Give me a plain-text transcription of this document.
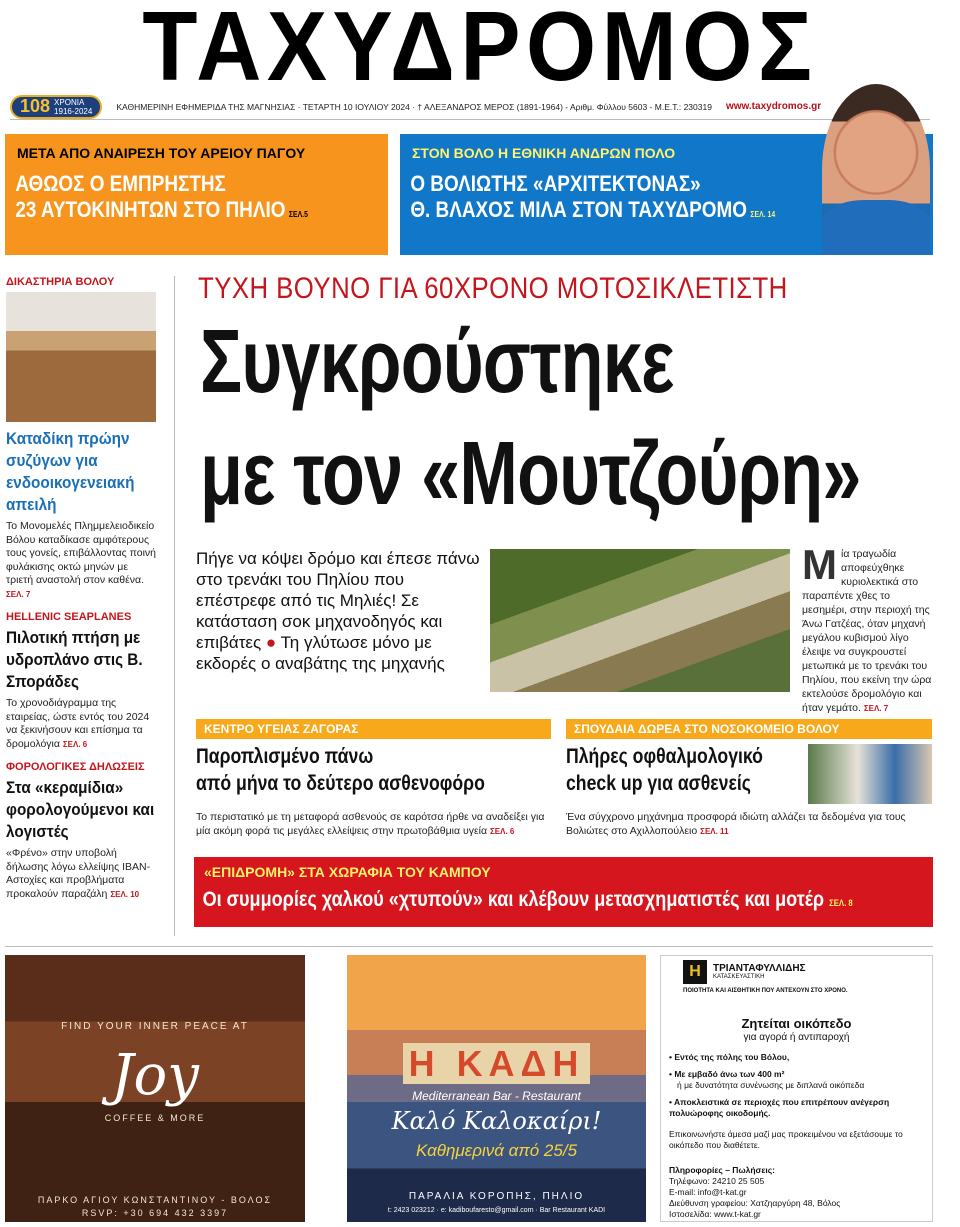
ΤΑΧΥΔΡΟΜΟΣ
108 ΧΡΟΝΙΑ
1916-2024	ΚΑΘΗΜΕΡΙΝΗ ΕΦΗΜΕΡΙΔΑ ΤΗΣ ΜΑΓΝΗΣΙΑΣ · ΤΕΤΑΡΤΗ 10 ΙΟΥΛΙΟΥ 2024 · † ΑΛΕΞΑΝΔΡΟΣ ΜΕΡΟΣ (1891-1964) - Αριθμ. Φύλλου 5603 - Μ.Ε.Τ.: 230319 www.taxydromos.gr
ΜΕΤΑ ΑΠΟ ΑΝΑΙΡΕΣΗ ΤΟΥ ΑΡΕΙΟΥ ΠΑΓΟΥ
ΑΘΩΟΣ Ο ΕΜΠΡΗΣΤΗΣ
23 ΑΥΤΟΚΙΝΗΤΩΝ ΣΤΟ ΠΗΛΙΟ ΣΕΛ.5
ΣΤΟΝ ΒΟΛΟ Η ΕΘΝΙΚΗ ΑΝΔΡΩΝ ΠΟΛΟ
Ο ΒΟΛΙΩΤΗΣ «ΑΡΧΙΤΕΚΤΟΝΑΣ»
Θ. ΒΛΑΧΟΣ ΜΙΛΑ ΣΤΟΝ ΤΑΧΥΔΡΟΜΟ ΣΕΛ. 14
ΔΙΚΑΣΤΗΡΙΑ ΒΟΛΟΥ
Καταδίκη πρώην συζύγων για ενδοοικογενειακή απειλή
Το Μονομελές Πλημμελειοδικείο Βόλου καταδίκασε αμφότερους τους γονείς, επιβάλλοντας ποινή φυλάκισης οκτώ μηνών με τριετή αναστολή στον καθένα. ΣΕΛ. 7
HELLENIC SEAPLANES
Πιλοτική πτήση με υδροπλάνο στις Β. Σποράδες
Το χρονοδιάγραμμα της εταιρείας, ώστε εντός του 2024 να ξεκινήσουν και επίσημα τα δρομολόγια ΣΕΛ. 6
ΦΟΡΟΛΟΓΙΚΕΣ ΔΗΛΩΣΕΙΣ
Στα «κεραμίδια» φορολογούμενοι και λογιστές
«Φρένο» στην υποβολή δήλωσης λόγω ελλείψης ΙΒΑΝ- Αστοχίες και προβλήματα προκαλούν παραζάλη ΣΕΛ. 10
ΤΥΧΗ ΒΟΥΝΟ ΓΙΑ 60ΧΡΟΝΟ ΜΟΤΟΣΙΚΛΕΤΙΣΤΗ
Συγκρούστηκε
με τον «Μουτζούρη»
Πήγε να κόψει δρόμο και έπεσε πάνω στο τρενάκι του Πηλίου που επέστρεφε από τις Μηλιές! Σε κατάσταση σοκ μηχανοδηγός και επιβάτες ● Τη γλύτωσε μόνο με εκδορές ο αναβάτης της μηχανής
Μία τραγωδία αποφεύχθηκε κυριολεκτικά στο παραπέντε χθες το μεσημέρι, στην περιοχή της Άνω Γατζέας, όταν μηχανή μεγάλου κυβισμού λίγο έλειψε να συγκρουστεί μετωπικά με το τρενάκι του Πηλίου, που εκείνη την ώρα εκτελούσε δρομολόγιο και ήταν γεμάτο. ΣΕΛ. 7
ΚΕΝΤΡΟ ΥΓΕΙΑΣ ΖΑΓΟΡΑΣ
Παροπλισμένο πάνω
από μήνα το δεύτερο ασθενοφόρο
Το περιστατικό με τη μεταφορά ασθενούς σε καρότσα ήρθε να αναδείξει για μία ακόμη φορά τις μεγάλες ελλείψεις στην πρωτοβάθμια υγεία ΣΕΛ. 6
ΣΠΟΥΔΑΙΑ ΔΩΡΕΑ ΣΤΟ ΝΟΣΟΚΟΜΕΙΟ ΒΟΛΟΥ
Πλήρες οφθαλμολογικό
check up για ασθενείς
Ένα σύγχρονο μηχάνημα προσφορά ιδιώτη αλλάζει τα δεδομένα για τους Βολιώτες στο Αχιλλοπούλειο ΣΕΛ. 11
«ΕΠΙΔΡΟΜΗ» ΣΤΑ ΧΩΡΑΦΙΑ ΤΟΥ ΚΑΜΠΟΥ
Οι συμμορίες χαλκού «χτυπούν» και κλέβουν μετασχηματιστές και μοτέρ ΣΕΛ. 8
FIND YOUR INNER PEACE AT
Joy
COFFEE & MORE
ΠΑΡΚΟ ΑΓΙΟΥ ΚΩΝΣΤΑΝΤΙΝΟΥ - ΒΟΛΟΣ
RSVP: +30 694 432 3397
Η ΚΑΔΗ
Mediterranean Bar - Restaurant
Καλό Καλοκαίρι!
Καθημερινά από 25/5
ΠΑΡΑΛΙΑ ΚΟΡΟΠΗΣ, ΠΗΛΙΟ
t: 2423 023212 · e: kadiboufaresto@gmail.com · Bar Restaurant KADI
H	ΤΡΙΑΝΤΑΦΥΛΛΙΔΗΣ
ΚΑΤΑΣΚΕΥΑΣΤΙΚΗ
ΠΟΙΟΤΗΤΑ ΚΑΙ ΑΙΣΘΗΤΙΚΗ ΠΟΥ ΑΝΤΕΧΟΥΝ ΣΤΟ ΧΡΟΝΟ.
Ζητείται οικόπεδο
για αγορά ή αντιπαροχή
• Εντός της πόλης του Βόλου,
• Με εμβαδό άνω των 400 m²
ή με δυνατότητα συνένωσης με διπλανά οικόπεδα
• Αποκλειστικά σε περιοχές που επιτρέπουν ανέγερση πολυώροφης οικοδομής.
Επικοινωνήστε άμεσα μαζί μας προκειμένου να εξετάσουμε το οικόπεδο που διαθέτετε.
Πληροφορίες – Πωλήσεις:
Τηλέφωνο: 24210 25 505
E-mail: info@t-kat.gr
Διεύθυνση γραφείου: Χατζηαργύρη 48, Βόλος
Ιστοσελίδα: www.t-kat.gr
